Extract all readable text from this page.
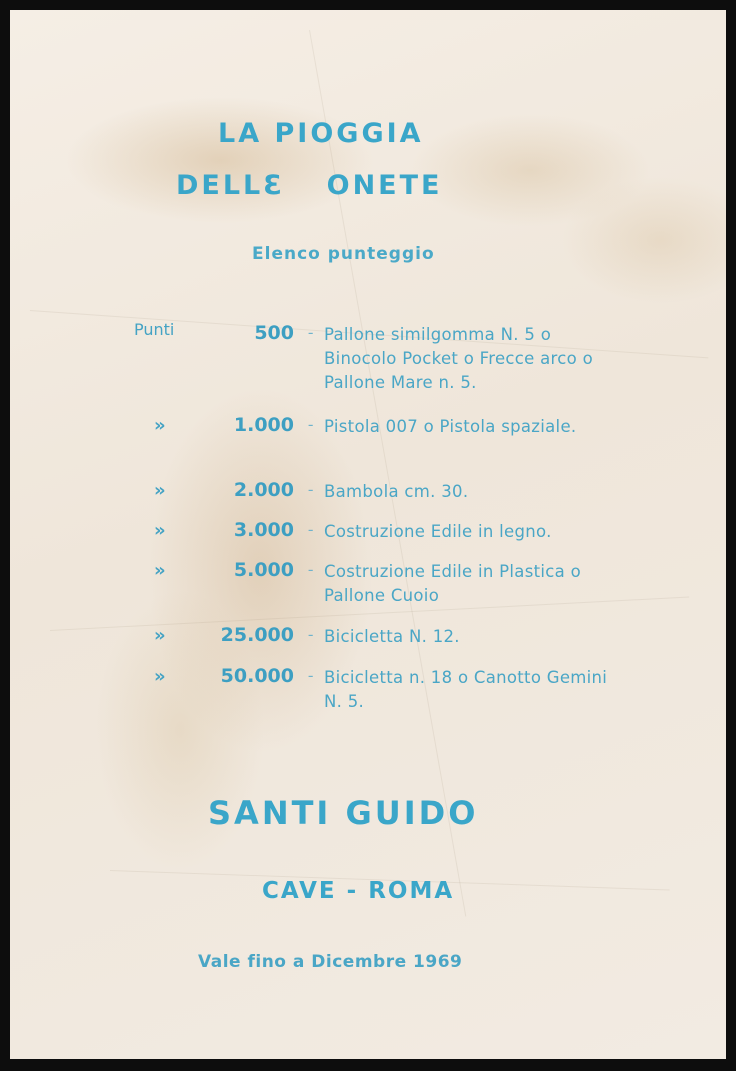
LA PIOGGIA
DELLƐ    ONETE
Elenco punteggio
Punti	500 - Pallone similgomma N. 5 o Binocolo Pocket o Frecce arco o Pallone Mare n. 5.
»	1.000 - Pistola 007 o Pistola spaziale.
»	2.000 - Bambola cm. 30.
»	3.000 - Costruzione Edile in legno.
»	5.000 - Costruzione Edile in Plastica o Pallone Cuoio
»	25.000 - Bicicletta N. 12.
»	50.000 - Bicicletta n. 18 o Canotto Gemini N. 5.
SANTI GUIDO
CAVE - ROMA
Vale fino a Dicembre 1969
